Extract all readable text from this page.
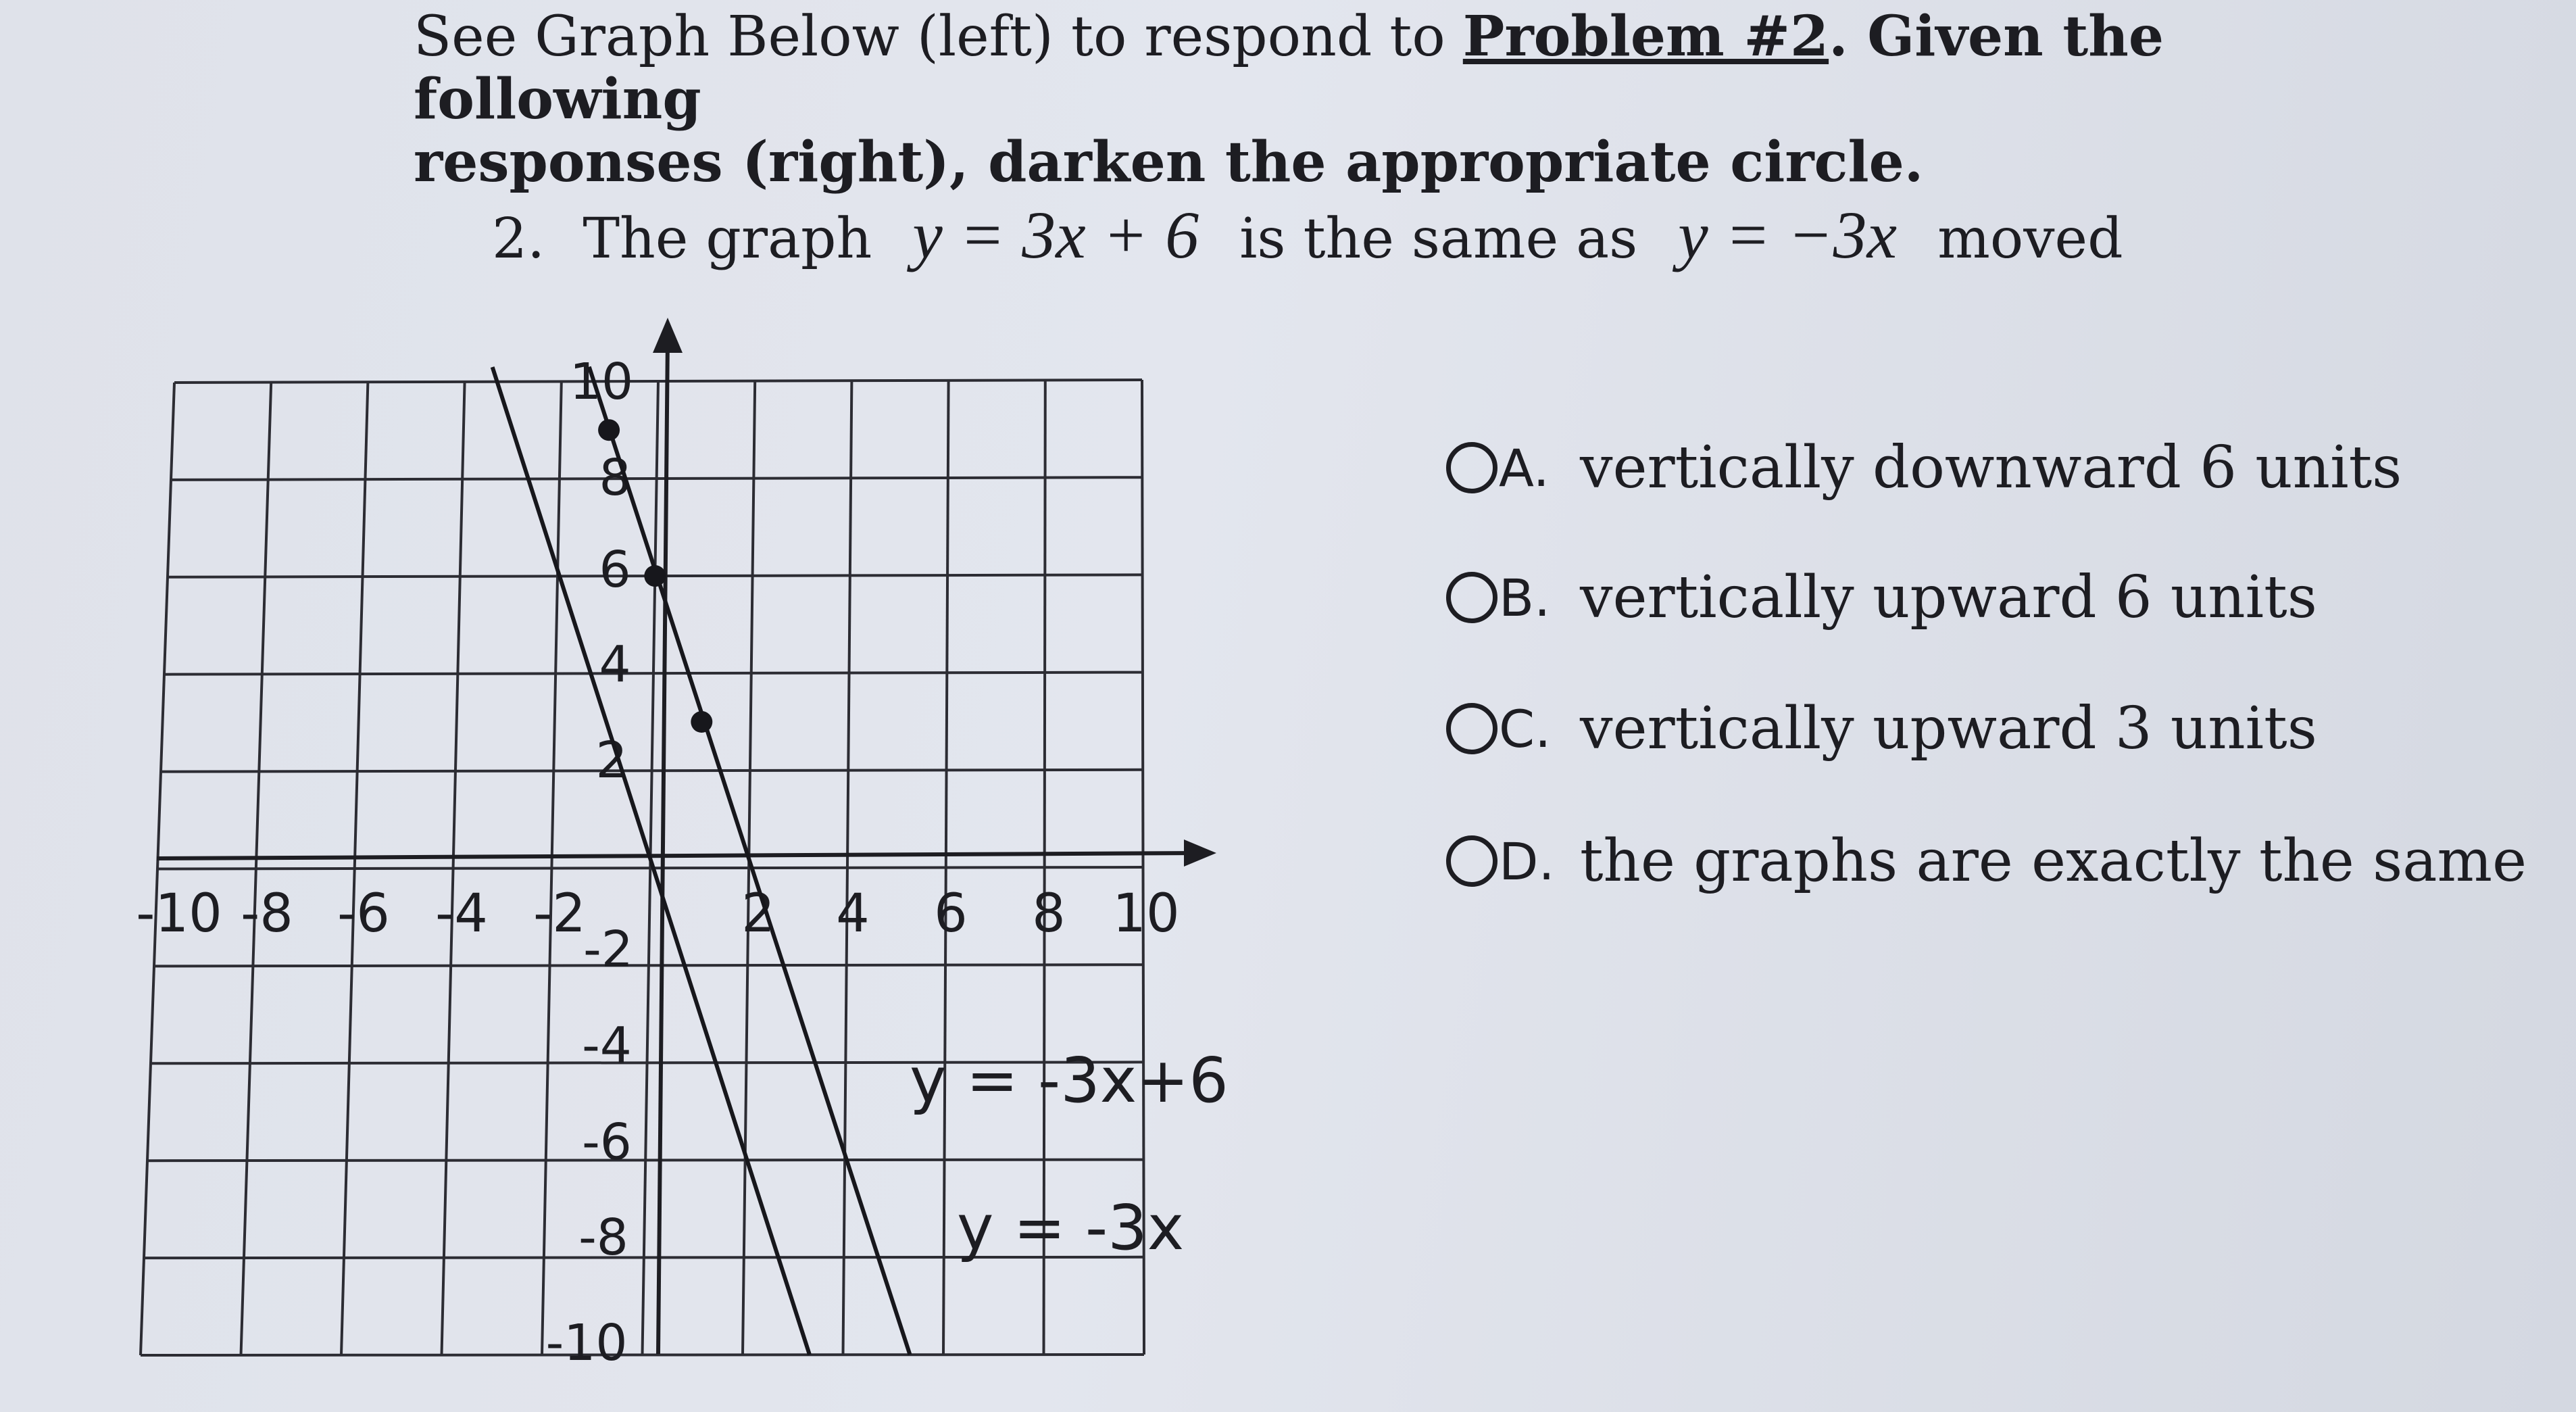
See Graph Below (left) to respond to Problem #2. Given the following
responses (right), darken the appropriate circle.
2. The graph y = 3x + 6 is the same as y = −3x moved
-10 -8 -6 -4 -2	2 4 6 8 10
10
8
6
4
2
-2
-4
-6
-8
-10
y = -3x+6
y = -3x
A. vertically downward 6 units
B. vertically upward 6 units
C. vertically upward 3 units
D. the graphs are exactly the same
